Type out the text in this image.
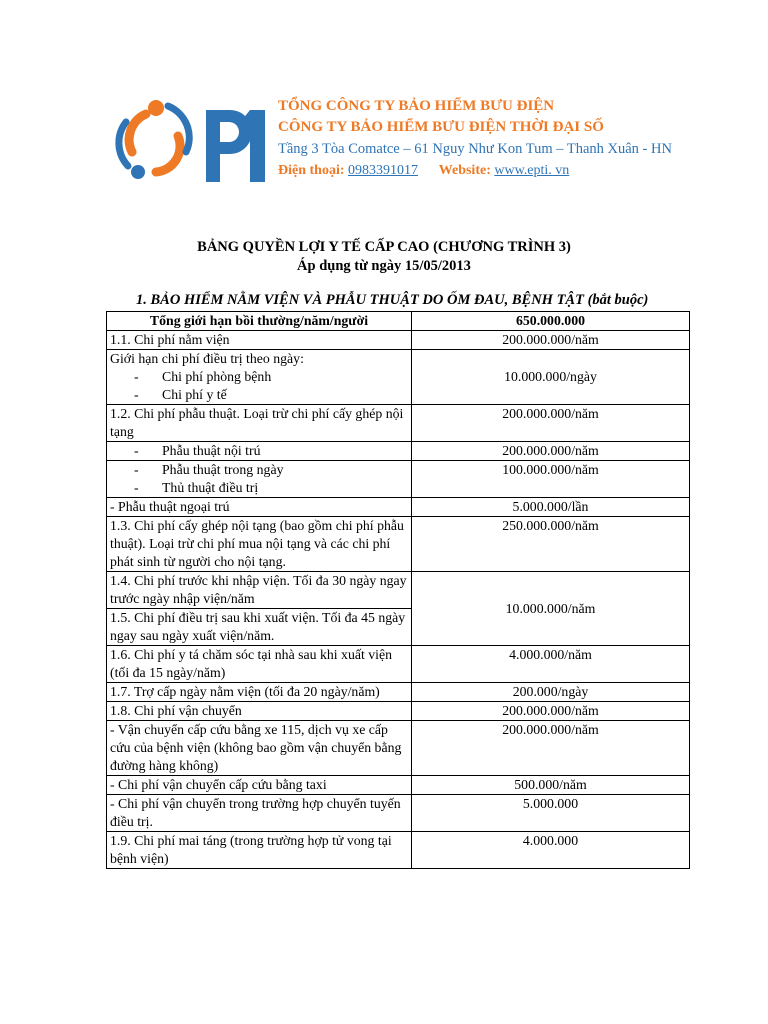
TỔNG CÔNG TY BẢO HIỂM BƯU ĐIỆN
CÔNG TY BẢO HIỂM BƯU ĐIỆN THỜI ĐẠI SỐ
Tầng 3 Tòa Comatce – 61 Nguy Như Kon Tum – Thanh Xuân - HN
Điện thoại: 0983391017 Website: www.epti. vn
BẢNG QUYỀN LỢI Y TẾ CẤP CAO (CHƯƠNG TRÌNH 3)
Áp dụng từ ngày 15/05/2013
1. BẢO HIỂM NẰM VIỆN VÀ PHẪU THUẬT DO ỐM ĐAU, BỆNH TẬT (bắt buộc)
Tổng giới hạn bồi thường/năm/người	650.000.000
1.1. Chi phí nằm viện	200.000.000/năm

Giới hạn chi phí điều trị theo ngày:
- Chi phí phòng bệnh
- Chi phí y tế	10.000.000/ngày
1.2. Chi phí phẫu thuật. Loại trừ chi phí cấy ghép nội tạng	200.000.000/năm

- Phẫu thuật nội trú	200.000.000/năm

- Phẫu thuật trong ngày
- Thủ thuật điều trị	100.000.000/năm
- Phẫu thuật ngoại trú	5.000.000/lần
1.3. Chi phí cấy ghép nội tạng (bao gồm chi phí phẫu thuật). Loại trừ chi phí mua nội tạng và các chi phí phát sinh từ người cho nội tạng.	250.000.000/năm
1.4. Chi phí trước khi nhập viện. Tối đa 30 ngày ngay trước ngày nhập viện/năm	10.000.000/năm
1.5. Chi phí điều trị sau khi xuất viện. Tối đa 45 ngày ngay sau ngày xuất viện/năm.	
1.6. Chi phí y tá chăm sóc tại nhà sau khi xuất viện (tối đa 15 ngày/năm)	4.000.000/năm
1.7. Trợ cấp ngày nằm viện (tối đa 20 ngày/năm)	200.000/ngày
1.8. Chi phí vận chuyển	200.000.000/năm
- Vận chuyển cấp cứu bằng xe 115, dịch vụ xe cấp cứu của bệnh viện (không bao gồm vận chuyển bằng đường hàng không)	200.000.000/năm
- Chi phí vận chuyển cấp cứu bằng taxi	500.000/năm
- Chi phí vận chuyển trong trường hợp chuyển tuyến điều trị.	5.000.000
1.9. Chi phí mai táng (trong trường hợp tử vong tại bệnh viện)	4.000.000
